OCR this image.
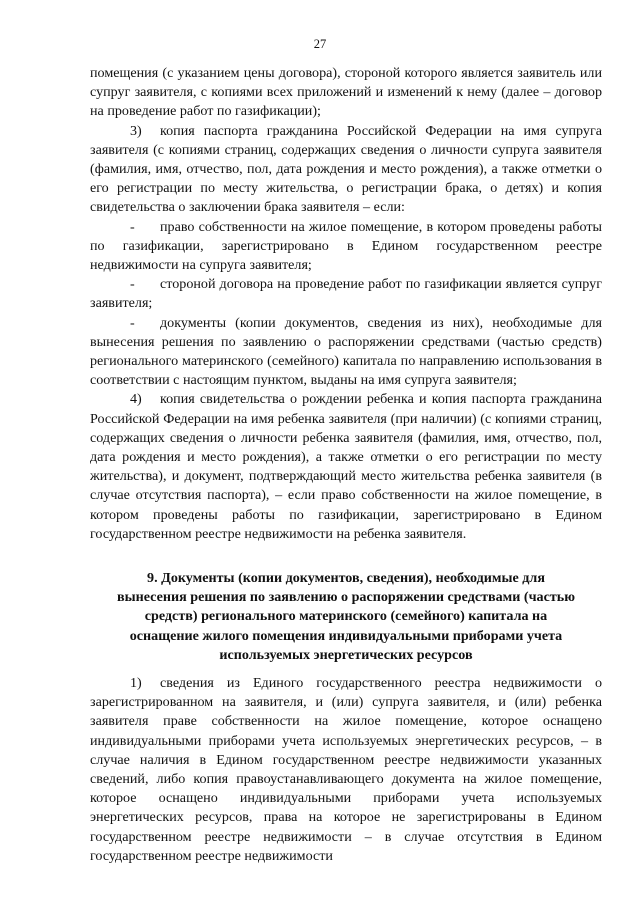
27

помещения (с указанием цены договора), стороной которого является заявитель или супруг заявителя, с копиями всех приложений и изменений к нему (далее – договор на проведение работ по газификации);

3) копия паспорта гражданина Российской Федерации на имя супруга заявителя (с копиями страниц, содержащих сведения о личности супруга заявителя (фамилия, имя, отчество, пол, дата рождения и место рождения), а также отметки о его регистрации по месту жительства, о регистрации брака, о детях) и копия свидетельства о заключении брака заявителя – если:

- право собственности на жилое помещение, в котором проведены работы по газификации, зарегистрировано в Едином государственном реестре недвижимости на супруга заявителя;

- стороной договора на проведение работ по газификации является супруг заявителя;

- документы (копии документов, сведения из них), необходимые для вынесения решения по заявлению о распоряжении средствами (частью средств) регионального материнского (семейного) капитала по направлению использования в соответствии с настоящим пунктом, выданы на имя супруга заявителя;

4) копия свидетельства о рождении ребенка и копия паспорта гражданина Российской Федерации на имя ребенка заявителя (при наличии) (с копиями страниц, содержащих сведения о личности ребенка заявителя (фамилия, имя, отчество, пол, дата рождения и место рождения), а также отметки о его регистрации по месту жительства), и документ, подтверждающий место жительства ребенка заявителя (в случае отсутствия паспорта), – если право собственности на жилое помещение, в котором проведены работы по газификации, зарегистрировано в Едином государственном реестре недвижимости на ребенка заявителя.

9. Документы (копии документов, сведения), необходимые для
вынесения решения по заявлению о распоряжении средствами (частью
средств) регионального материнского (семейного) капитала на
оснащение жилого помещения индивидуальными приборами учета
используемых энергетических ресурсов

1) сведения из Единого государственного реестра недвижимости о зарегистрированном на заявителя, и (или) супруга заявителя, и (или) ребенка заявителя праве собственности на жилое помещение, которое оснащено индивидуальными приборами учета используемых энергетических ресурсов, – в случае наличия в Едином государственном реестре недвижимости указанных сведений, либо копия правоустанавливающего документа на жилое помещение, которое оснащено индивидуальными приборами учета используемых энергетических ресурсов, права на которое не зарегистрированы в Едином государственном реестре недвижимости – в случае отсутствия в Едином государственном реестре недвижимости
